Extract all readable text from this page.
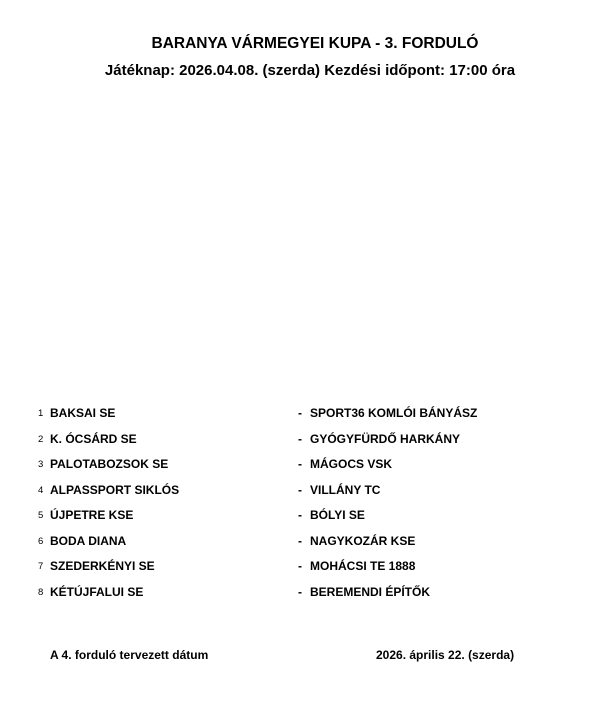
BARANYA VÁRMEGYEI KUPA - 3. FORDULÓ
Játéknap: 2026.04.08. (szerda) Kezdési időpont: 17:00 óra
1 BAKSAI SE	- SPORT36 KOMLÓI BÁNYÁSZ
2 K. ÓCSÁRD SE	- GYÓGYFÜRDŐ HARKÁNY
3 PALOTABOZSOK SE	- MÁGOCS VSK
4 ALPASSPORT SIKLÓS	- VILLÁNY TC
5 ÚJPETRE KSE	- BÓLYI SE
6 BODA DIANA	- NAGYKOZÁR KSE
7 SZEDERKÉNYI SE	- MOHÁCSI TE 1888
8 KÉTÚJFALUI SE	- BEREMENDI ÉPÍTŐK
A 4. forduló tervezett dátum	2026. április 22. (szerda)
